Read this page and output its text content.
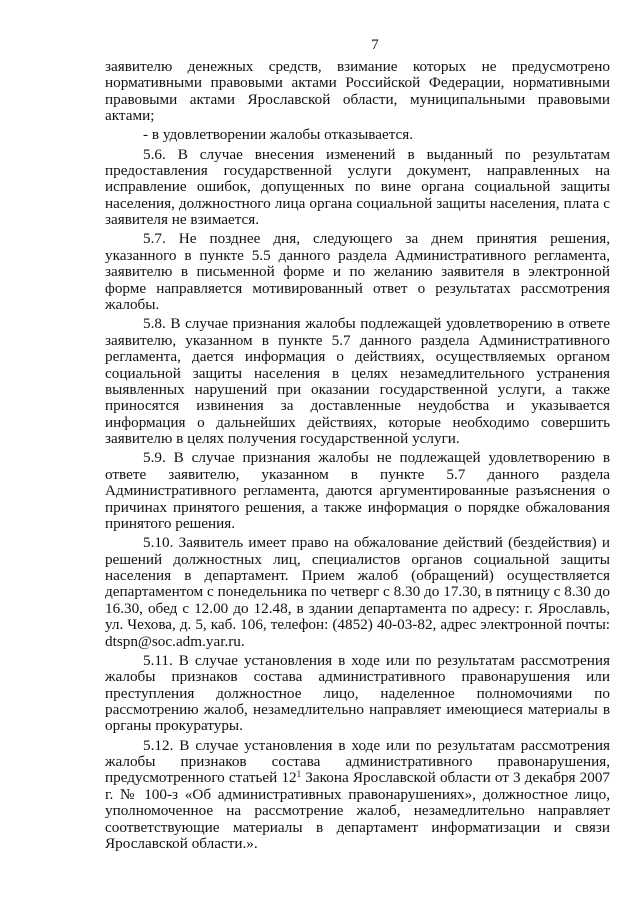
7

заявителю денежных средств, взимание которых не предусмотрено нормативными правовыми актами Российской Федерации, нормативными правовыми актами Ярославской области, муниципальными правовыми актами;

- в удовлетворении жалобы отказывается.

5.6. В случае внесения изменений в выданный по результатам предоставления государственной услуги документ, направленных на исправление ошибок, допущенных по вине органа социальной защиты населения, должностного лица органа социальной защиты населения, плата с заявителя не взимается.

5.7. Не позднее дня, следующего за днем принятия решения, указанного в пункте 5.5 данного раздела Административного регламента, заявителю в письменной форме и по желанию заявителя в электронной форме направляется мотивированный ответ о результатах рассмотрения жалобы.

5.8. В случае признания жалобы подлежащей удовлетворению в ответе заявителю, указанном в пункте 5.7 данного раздела Административного регламента, дается информация о действиях, осуществляемых органом социальной защиты населения в целях незамедлительного устранения выявленных нарушений при оказании государственной услуги, а также приносятся извинения за доставленные неудобства и указывается информация о дальнейших действиях, которые необходимо совершить заявителю в целях получения государственной услуги.

5.9. В случае признания жалобы не подлежащей удовлетворению в ответе заявителю, указанном в пункте 5.7 данного раздела Административного регламента, даются аргументированные разъяснения о причинах принятого решения, а также информация о порядке обжалования принятого решения.

5.10. Заявитель имеет право на обжалование действий (бездействия) и решений должностных лиц, специалистов органов социальной защиты населения в департамент. Прием жалоб (обращений) осуществляется департаментом с понедельника по четверг с 8.30 до 17.30, в пятницу с 8.30 до 16.30, обед с 12.00 до 12.48, в здании департамента по адресу: г. Ярославль, ул. Чехова, д. 5, каб. 106, телефон: (4852) 40-03-82, адрес электронной почты: dtspn@soc.adm.yar.ru.

5.11. В случае установления в ходе или по результатам рассмотрения жалобы признаков состава административного правонарушения или преступления должностное лицо, наделенное полномочиями по рассмотрению жалоб, незамедлительно направляет имеющиеся материалы в органы прокуратуры.

5.12. В случае установления в ходе или по результатам рассмотрения жалобы признаков состава административного правонарушения, предусмотренного статьей $12^1$ Закона Ярославской области от 3 декабря 2007 г. № 100-з «Об административных правонарушениях», должностное лицо, уполномоченное на рассмотрение жалоб, незамедлительно направляет соответствующие материалы в департамент информатизации и связи Ярославской области.».
